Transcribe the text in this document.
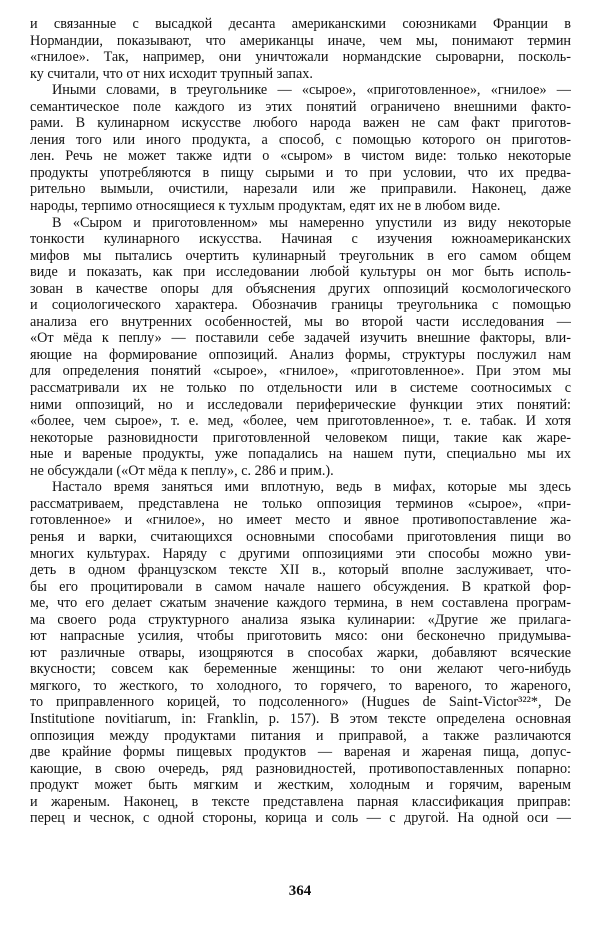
и связанные с высадкой десанта американскими союзниками Франции в
Нормандии, показывают, что американцы иначе, чем мы, понимают термин
«гнилое». Так, например, они уничтожали нормандские сыроварни, посколь-
ку считали, что от них исходит трупный запах.
Иными словами, в треугольнике — «сырое», «приготовленное», «гнилое» —
семантическое поле каждого из этих понятий ограничено внешними факто-
рами. В кулинарном искусстве любого народа важен не сам факт приготов-
ления того или иного продукта, а способ, с помощью которого он приготов-
лен. Речь не может также идти о «сыром» в чистом виде: только некоторые
продукты употребляются в пищу сырыми и то при условии, что их предва-
рительно вымыли, очистили, нарезали или же приправили. Наконец, даже
народы, терпимо относящиеся к тухлым продуктам, едят их не в любом виде.
В «Сыром и приготовленном» мы намеренно упустили из виду некоторые
тонкости кулинарного искусства. Начиная с изучения южноамериканских
мифов мы пытались очертить кулинарный треугольник в его самом общем
виде и показать, как при исследовании любой культуры он мог быть исполь-
зован в качестве опоры для объяснения других оппозиций космологического
и социологического характера. Обозначив границы треугольника с помощью
анализа его внутренних особенностей, мы во второй части исследования —
«От мёда к пеплу» — поставили себе задачей изучить внешние факторы, вли-
яющие на формирование оппозиций. Анализ формы, структуры послужил нам
для определения понятий «сырое», «гнилое», «приготовленное». При этом мы
рассматривали их не только по отдельности или в системе соотносимых с
ними оппозиций, но и исследовали периферические функции этих понятий:
«более, чем сырое», т. е. мед, «более, чем приготовленное», т. е. табак. И хотя
некоторые разновидности приготовленной человеком пищи, такие как жаре-
ные и вареные продукты, уже попадались на нашем пути, специально мы их
не обсуждали («От мёда к пеплу», с. 286 и прим.).
Настало время заняться ими вплотную, ведь в мифах, которые мы здесь
рассматриваем, представлена не только оппозиция терминов «сырое», «при-
готовленное» и «гнилое», но имеет место и явное противопоставление жа-
ренья и варки, считающихся основными способами приготовления пищи во
многих культурах. Наряду с другими оппозициями эти способы можно уви-
деть в одном французском тексте XII в., который вполне заслуживает, что-
бы его процитировали в самом начале нашего обсуждения. В краткой фор-
ме, что его делает сжатым значение каждого термина, в нем составлена програм-
ма своего рода структурного анализа языка кулинарии: «Другие же прилага-
ют напрасные усилия, чтобы приготовить мясо: они бесконечно придумыва-
ют различные отвары, изощряются в способах жарки, добавляют всяческие
вкусности; совсем как беременные женщины: то они желают чего-нибудь
мягкого, то жесткого, то холодного, то горячего, то вареного, то жареного,
то приправленного корицей, то подсоленного» (Hugues de Saint-Victor³²²*, De
Institutione novitiarum, in: Franklin, p. 157). В этом тексте определена основная
оппозиция между продуктами питания и приправой, а также различаются
две крайние формы пищевых продуктов — вареная и жареная пища, допус-
кающие, в свою очередь, ряд разновидностей, противопоставленных попарно:
продукт может быть мягким и жестким, холодным и горячим, вареным
и жареным. Наконец, в тексте представлена парная классификация приправ:
перец и чеснок, с одной стороны, корица и соль — с другой. На одной оси —
364
